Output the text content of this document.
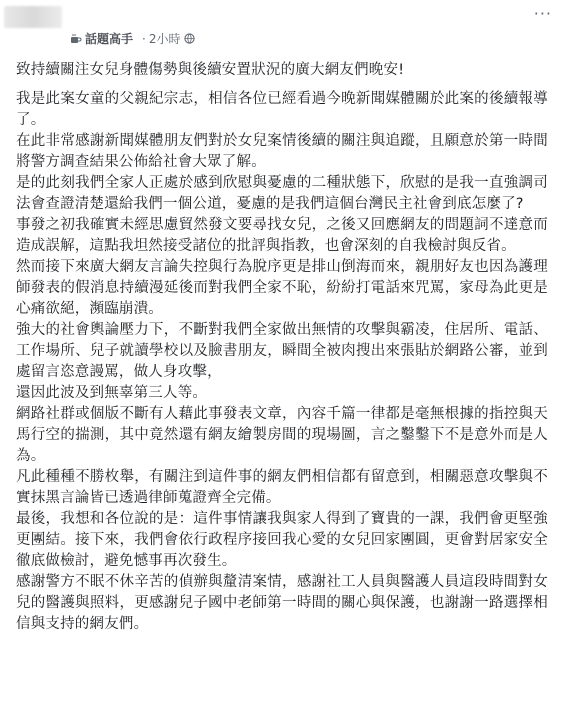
···
話題高手 · 2小時

致持續關注女兒身體傷勢與後續安置狀況的廣大網友們晚安!

我是此案女童的父親紀宗志，相信各位已經看過今晚新聞媒體關於此案的後續報導了。

在此非常感謝新聞媒體朋友們對於女兒案情後續的關注與追蹤，且願意於第一時間將警方調查結果公佈給社會大眾了解。

是的此刻我們全家人正處於感到欣慰與憂慮的二種狀態下，欣慰的是我一直強調司法會查證清楚還給我們一個公道，憂慮的是我們這個台灣民主社會到底怎麼了?

事發之初我確實未經思慮貿然發文要尋找女兒，之後又回應網友的問題詞不達意而造成誤解，這點我坦然接受諸位的批評與指教，也會深刻的自我檢討與反省。

然而接下來廣大網友言論失控與行為脫序更是排山倒海而來，親朋好友也因為護理師發表的假消息持續漫延後而對我們全家不恥，紛紛打電話來咒罵，家母為此更是心痛欲絕，瀕臨崩潰。

強大的社會輿論壓力下，不斷對我們全家做出無情的攻擊與霸凌，住居所、電話、工作場所、兒子就讀學校以及臉書朋友，瞬間全被肉搜出來張貼於網路公審，並到處留言恣意謾罵，做人身攻擊，

還因此波及到無辜第三人等。

網路社群或個版不斷有人藉此事發表文章，內容千篇一律都是毫無根據的指控與天馬行空的揣測，其中竟然還有網友繪製房間的現場圖，言之鑿鑿下不是意外而是人為。

凡此種種不勝枚舉，有關注到這件事的網友們相信都有留意到，相關惡意攻擊與不實抹黑言論皆已透過律師蒐證齊全完備。

最後，我想和各位說的是：這件事情讓我與家人得到了寶貴的一課，我們會更堅強更團結。接下來，我們會依行政程序接回我心愛的女兒回家團圓，更會對居家安全徹底做檢討，避免憾事再次發生。

感謝警方不眠不休辛苦的偵辦與釐清案情，感謝社工人員與醫護人員這段時間對女兒的醫護與照料，更感謝兒子國中老師第一時間的關心與保護，也謝謝一路選擇相信與支持的網友們。
